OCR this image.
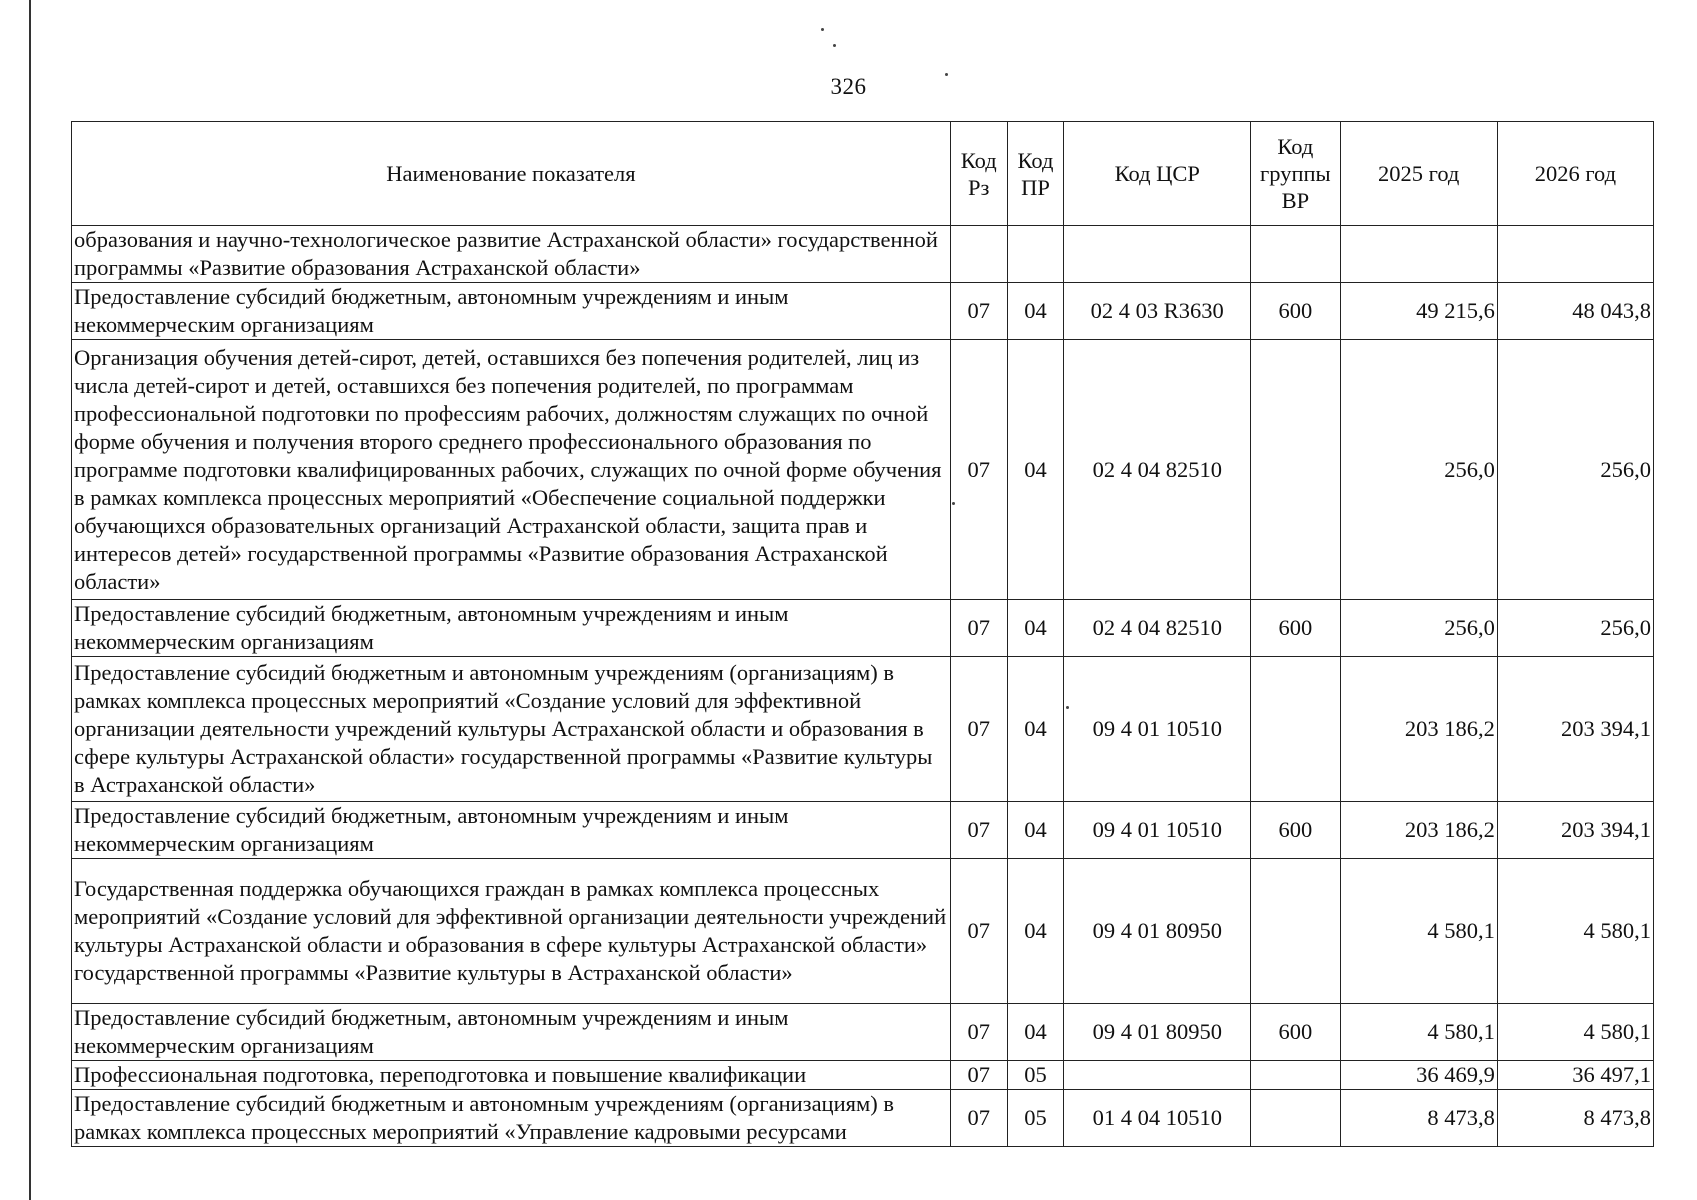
326
Наименование показателя	Код Рз	Код ПР	Код ЦСР	Код группы ВР	2025 год	2026 год
образования и научно-технологическое развитие Астраханской области» государственной программы «Развитие образования Астраханской области»						
Предоставление субсидий бюджетным, автономным учреждениям и иным некоммерческим организациям	07	04	02 4 03 R3630	600	49 215,6	48 043,8
Организация обучения детей-сирот, детей, оставшихся без попечения родителей, лиц из числа детей-сирот и детей, оставшихся без попечения родителей, по программам профессиональной подготовки по профессиям рабочих, должностям служащих по очной форме обучения и получения второго среднего профессионального образования по программе подготовки квалифицированных рабочих, служащих по очной форме обучения в рамках комплекса процессных мероприятий «Обеспечение социальной поддержки обучающихся образовательных организаций Астраханской области, защита прав и интересов детей» государственной программы «Развитие образования Астраханской области»	07	04	02 4 04 82510		256,0	256,0
Предоставление субсидий бюджетным, автономным учреждениям и иным некоммерческим организациям	07	04	02 4 04 82510	600	256,0	256,0
Предоставление субсидий бюджетным и автономным учреждениям (организациям) в рамках комплекса процессных мероприятий «Создание условий для эффективной организации деятельности учреждений культуры Астраханской области и образования в сфере культуры Астраханской области» государственной программы «Развитие культуры в Астраханской области»	07	04	09 4 01 10510		203 186,2	203 394,1
Предоставление субсидий бюджетным, автономным учреждениям и иным некоммерческим организациям	07	04	09 4 01 10510	600	203 186,2	203 394,1
Государственная поддержка обучающихся граждан в рамках комплекса процессных мероприятий «Создание условий для эффективной организации деятельности учреждений культуры Астраханской области и образования в сфере культуры Астраханской области» государственной программы «Развитие культуры в Астраханской области»	07	04	09 4 01 80950		4 580,1	4 580,1
Предоставление субсидий бюджетным, автономным учреждениям и иным некоммерческим организациям	07	04	09 4 01 80950	600	4 580,1	4 580,1
Профессиональная подготовка, переподготовка и повышение квалификации	07	05			36 469,9	36 497,1
Предоставление субсидий бюджетным и автономным учреждениям (организациям) в рамках комплекса процессных мероприятий «Управление кадровыми ресурсами	07	05	01 4 04 10510		8 473,8	8 473,8
